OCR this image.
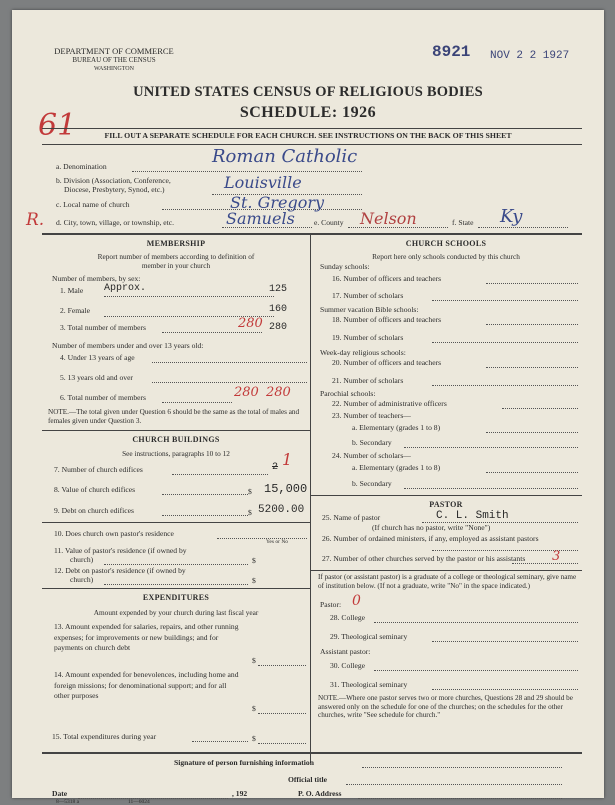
DEPARTMENT OF COMMERCE
BUREAU OF THE CENSUS
WASHINGTON
8921 NOV 2 2 1927
61
UNITED STATES CENSUS OF RELIGIOUS BODIES
SCHEDULE: 1926
FILL OUT A SEPARATE SCHEDULE FOR EACH CHURCH. SEE INSTRUCTIONS ON THE BACK OF THIS SHEET
a. Denomination	Roman Catholic
b. Division (Association, Conference,
Diocese, Presbytery, Synod, etc.)	Louisville
c. Local name of church	St. Gregory
R. d. City, town, village, or township, etc.	Samuels	e. County Nelson	f. State Ky
MEMBERSHIP
Report number of members according to definition of
member in your church
Number of members, by sex:
Approx.
1. Male	125
2. Female	160
3. Total number of members	280
280
Number of members under and over 13 years old:
4. Under 13 years of age
5. 13 years old and over
6. Total number of members	280 280
NOTE.—The total given under Question 6 should be the same as the total of males and females given under Question 3.
CHURCH BUILDINGS
See instructions, paragraphs 10 to 12
7. Number of church edifices	2 1
8. Value of church edifices	$ 15,000
9. Debt on church edifices	$ 5200.00
10. Does church own pastor's residence
Yes or No
11. Value of pastor's residence (if owned by
church)	$
12. Debt on pastor's residence (if owned by
church)	$
EXPENDITURES
Amount expended by your church during last fiscal year
13. Amount expended for salaries, repairs, and other running expenses; for improvements or new buildings; and for payments on church debt
$
14. Amount expended for benevolences, including home and foreign missions; for denominational support; and for all other purposes
$
15. Total expenditures during year	$
CHURCH SCHOOLS
Report here only schools conducted by this church
Sunday schools:
16. Number of officers and teachers
17. Number of scholars
Summer vacation Bible schools:
18. Number of officers and teachers
19. Number of scholars
Week-day religious schools:
20. Number of officers and teachers
21. Number of scholars
Parochial schools:
22. Number of administrative officers
23. Number of teachers—
a. Elementary (grades 1 to 8)
b. Secondary
24. Number of scholars—
a. Elementary (grades 1 to 8)
b. Secondary
PASTOR
25. Name of pastor	C. L. Smith
(If church has no pastor, write "None")
26. Number of ordained ministers, if any, employed as assistant pastors
27. Number of other churches served by the pastor or his assistants	3
If pastor (or assistant pastor) is a graduate of a college or theological seminary, give name of institution below. (If not a graduate, write "No" in the space indicated.)
Pastor: 0
28. College
29. Theological seminary
Assistant pastor:
30. College
31. Theological seminary
NOTE.—Where one pastor serves two or more churches, Questions 28 and 29 should be answered only on the schedule for one of the churches; on the schedules for the other churches, write "See schedule for church."
Signature of person furnishing information
Official title
Date	, 192	P. O. Address
8—5318 a	11—6024
